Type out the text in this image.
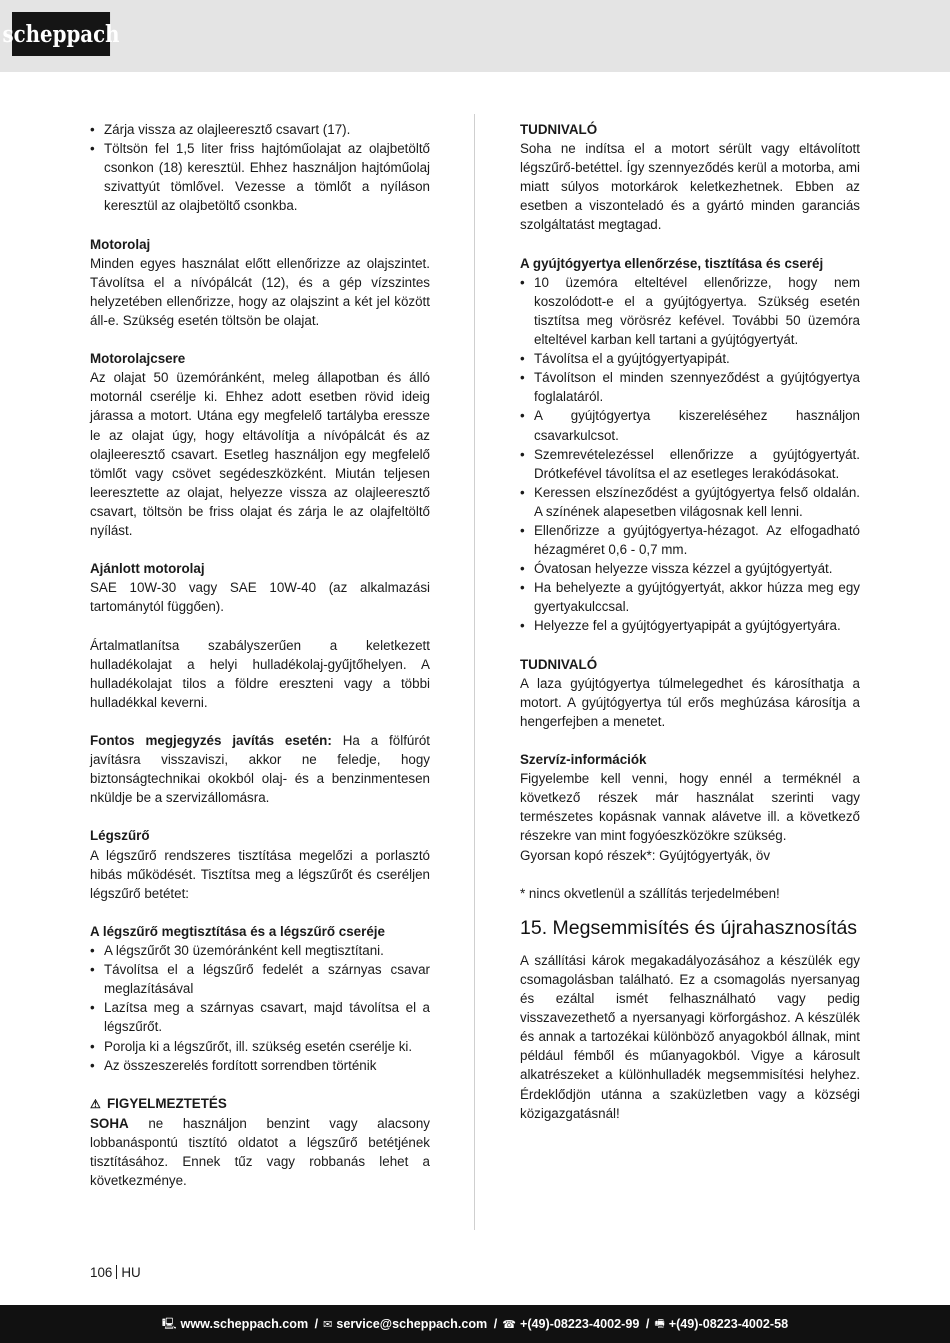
scheppach
• Zárja vissza az olajleeresztő csavart (17).
• Töltsön fel 1,5 liter friss hajtóműolajat az olajbetöltő csonkon (18) keresztül. Ehhez használjon hajtóműolaj szivattyút tömlővel. Vezesse a tömlőt a nyíláson keresztül az olajbetöltő csonkba.
Motorolaj

Minden egyes használat előtt ellenőrizze az olajszintet. Távolítsa el a nívópálcát (12), és a gép vízszintes helyzetében ellenőrizze, hogy az olajszint a két jel között áll-e. Szükség esetén töltsön be olajat.

Motorolajcsere

Az olajat 50 üzemóránként, meleg állapotban és álló motornál cserélje ki. Ehhez adott esetben rövid ideig járassa a motort. Utána egy megfelelő tartályba eressze le az olajat úgy, hogy eltávolítja a nívópálcát és az olajleeresztő csavart. Esetleg használjon egy megfelelő tömlőt vagy csövet segédeszközként. Miután teljesen leeresztette az olajat, helyezze vissza az olajleeresztő csavart, töltsön be friss olajat és zárja le az olajfeltöltő nyílást.

Ajánlott motorolaj

SAE 10W-30 vagy SAE 10W-40 (az alkalmazási tartománytól függően).

Ártalmatlanítsa szabályszerűen a keletkezett hulladékolajat a helyi hulladékolaj-gyűjtőhelyen. A hulladékolajat tilos a földre ereszteni vagy a többi hulladékkal keverni.

Fontos megjegyzés javítás esetén: Ha a fölfúrót javításra visszaviszi, akkor ne feledje, hogy biztonságtechnikai okokból olaj- és a benzinmentesen nküldje be a szervizállomásra.

Légszűrő

A légszűrő rendszeres tisztítása megelőzi a porlasztó hibás működését. Tisztítsa meg a légszűrőt és cseréljen légszűrő betétet:

A légszűrő megtisztítása és a légszűrő cseréje
• A légszűrőt 30 üzemóránként kell megtisztítani.
• Távolítsa el a légszűrő fedelét a szárnyas csavar meglazításával
• Lazítsa meg a szárnyas csavart, majd távolítsa el a légszűrőt.
• Porolja ki a légszűrőt, ill. szükség esetén cserélje ki.
• Az összeszerelés fordított sorrendben történik
⚠ FIGYELMEZTETÉS

SOHA ne használjon benzint vagy alacsony lobbanáspontú tisztító oldatot a légszűrő betétjének tisztításához. Ennek tűz vagy robbanás lehet a következménye.

TUDNIVALÓ

Soha ne indítsa el a motort sérült vagy eltávolított légszűrő-betéttel. Így szennyeződés kerül a motorba, ami miatt súlyos motorkárok keletkezhetnek. Ebben az esetben a viszonteladó és a gyártó minden garanciás szolgáltatást megtagad.

A gyújtógyertya ellenőrzése, tisztítása és cseréj
• 10 üzemóra elteltével ellenőrizze, hogy nem koszolódott-e el a gyújtógyertya. Szükség esetén tisztítsa meg vörösréz kefével. További 50 üzemóra elteltével karban kell tartani a gyújtógyertyát.
• Távolítsa el a gyújtógyertyapipát.
• Távolítson el minden szennyeződést a gyújtógyertya foglalatáról.
• A gyújtógyertya kiszereléséhez használjon csavarkulcsot.
• Szemrevételezéssel ellenőrizze a gyújtógyertyát. Drótkefével távolítsa el az esetleges lerakódásokat.
• Keressen elszíneződést a gyújtógyertya felső oldalán. A színének alapesetben világosnak kell lenni.
• Ellenőrizze a gyújtógyertya-hézagot. Az elfogadható hézagméret 0,6 - 0,7 mm.
• Óvatosan helyezze vissza kézzel a gyújtógyertyát.
• Ha behelyezte a gyújtógyertyát, akkor húzza meg egy gyertyakulccsal.
• Helyezze fel a gyújtógyertyapipát a gyújtógyertyára.
TUDNIVALÓ

A laza gyújtógyertya túlmelegedhet és károsíthatja a motort. A gyújtógyertya túl erős meghúzása károsítja a hengerfejben a menetet.

Szervíz-információk

Figyelembe kell venni, hogy ennél a terméknél a következő részek már használat szerinti vagy természetes kopásnak vannak alávetve ill. a következő részekre van mint fogyóeszközökre szükség.

Gyorsan kopó részek*: Gyújtógyertyák, öv

* nincs okvetlenül a szállítás terjedelmében!

15. Megsemmisítés és újrahasznosítás

A szállítási károk megakadályozásához a készülék egy csomagolásban található. Ez a csomagolás nyersanyag és ezáltal ismét felhasználható vagy pedig visszavezethető a nyersanyagi körforgáshoz. A készülék és annak a tartozékai különböző anyagokból állnak, mint például fémből és műanyagokból. Vigye a károsult alkatrészeket a különhulladék megsemmisítési helyhez. Érdeklődjön utánna a szaküzletben vagy a községi közigazgatásnál!

106 HU
🖳 www.scheppach.com / ✉ service@scheppach.com / ☎ +(49)-08223-4002-99 / 🖷 +(49)-08223-4002-58
